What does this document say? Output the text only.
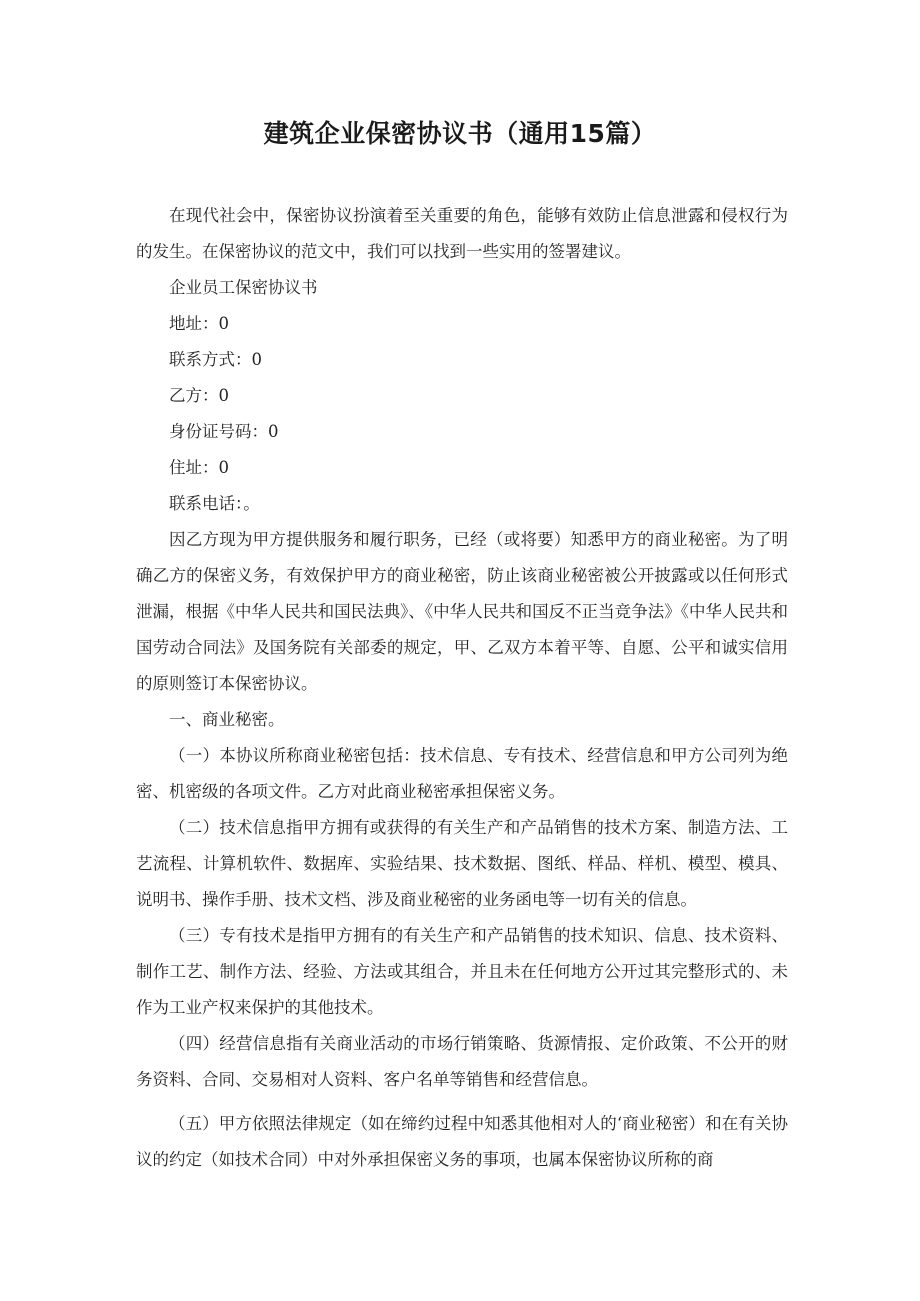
建筑企业保密协议书（通用15篇）

在现代社会中，保密协议扮演着至关重要的角色，能够有效防止信息泄露和侵权行为的发生。在保密协议的范文中，我们可以找到一些实用的签署建议。

企业员工保密协议书

地址：0

联系方式：0

乙方：0

身份证号码：0

住址：0

联系电话：。

因乙方现为甲方提供服务和履行职务，已经（或将要）知悉甲方的商业秘密。为了明确乙方的保密义务，有效保护甲方的商业秘密，防止该商业秘密被公开披露或以任何形式泄漏，根据《中华人民共和国民法典》、《中华人民共和国反不正当竞争法》《中华人民共和国劳动合同法》及国务院有关部委的规定，甲、乙双方本着平等、自愿、公平和诚实信用的原则签订本保密协议。

一、商业秘密。

（一）本协议所称商业秘密包括：技术信息、专有技术、经营信息和甲方公司列为绝密、机密级的各项文件。乙方对此商业秘密承担保密义务。

（二）技术信息指甲方拥有或获得的有关生产和产品销售的技术方案、制造方法、工艺流程、计算机软件、数据库、实验结果、技术数据、图纸、样品、样机、模型、模具、说明书、操作手册、技术文档、涉及商业秘密的业务函电等一切有关的信息。

（三）专有技术是指甲方拥有的有关生产和产品销售的技术知识、信息、技术资料、制作工艺、制作方法、经验、方法或其组合，并且未在任何地方公开过其完整形式的、未作为工业产权来保护的其他技术。

（四）经营信息指有关商业活动的市场行销策略、货源情报、定价政策、不公开的财务资料、合同、交易相对人资料、客户名单等销售和经营信息。

（五）甲方依照法律规定（如在缔约过程中知悉其他相对人的‘商业秘密）和在有关协议的约定（如技术合同）中对外承担保密义务的事项，也属本保密协议所称的商
